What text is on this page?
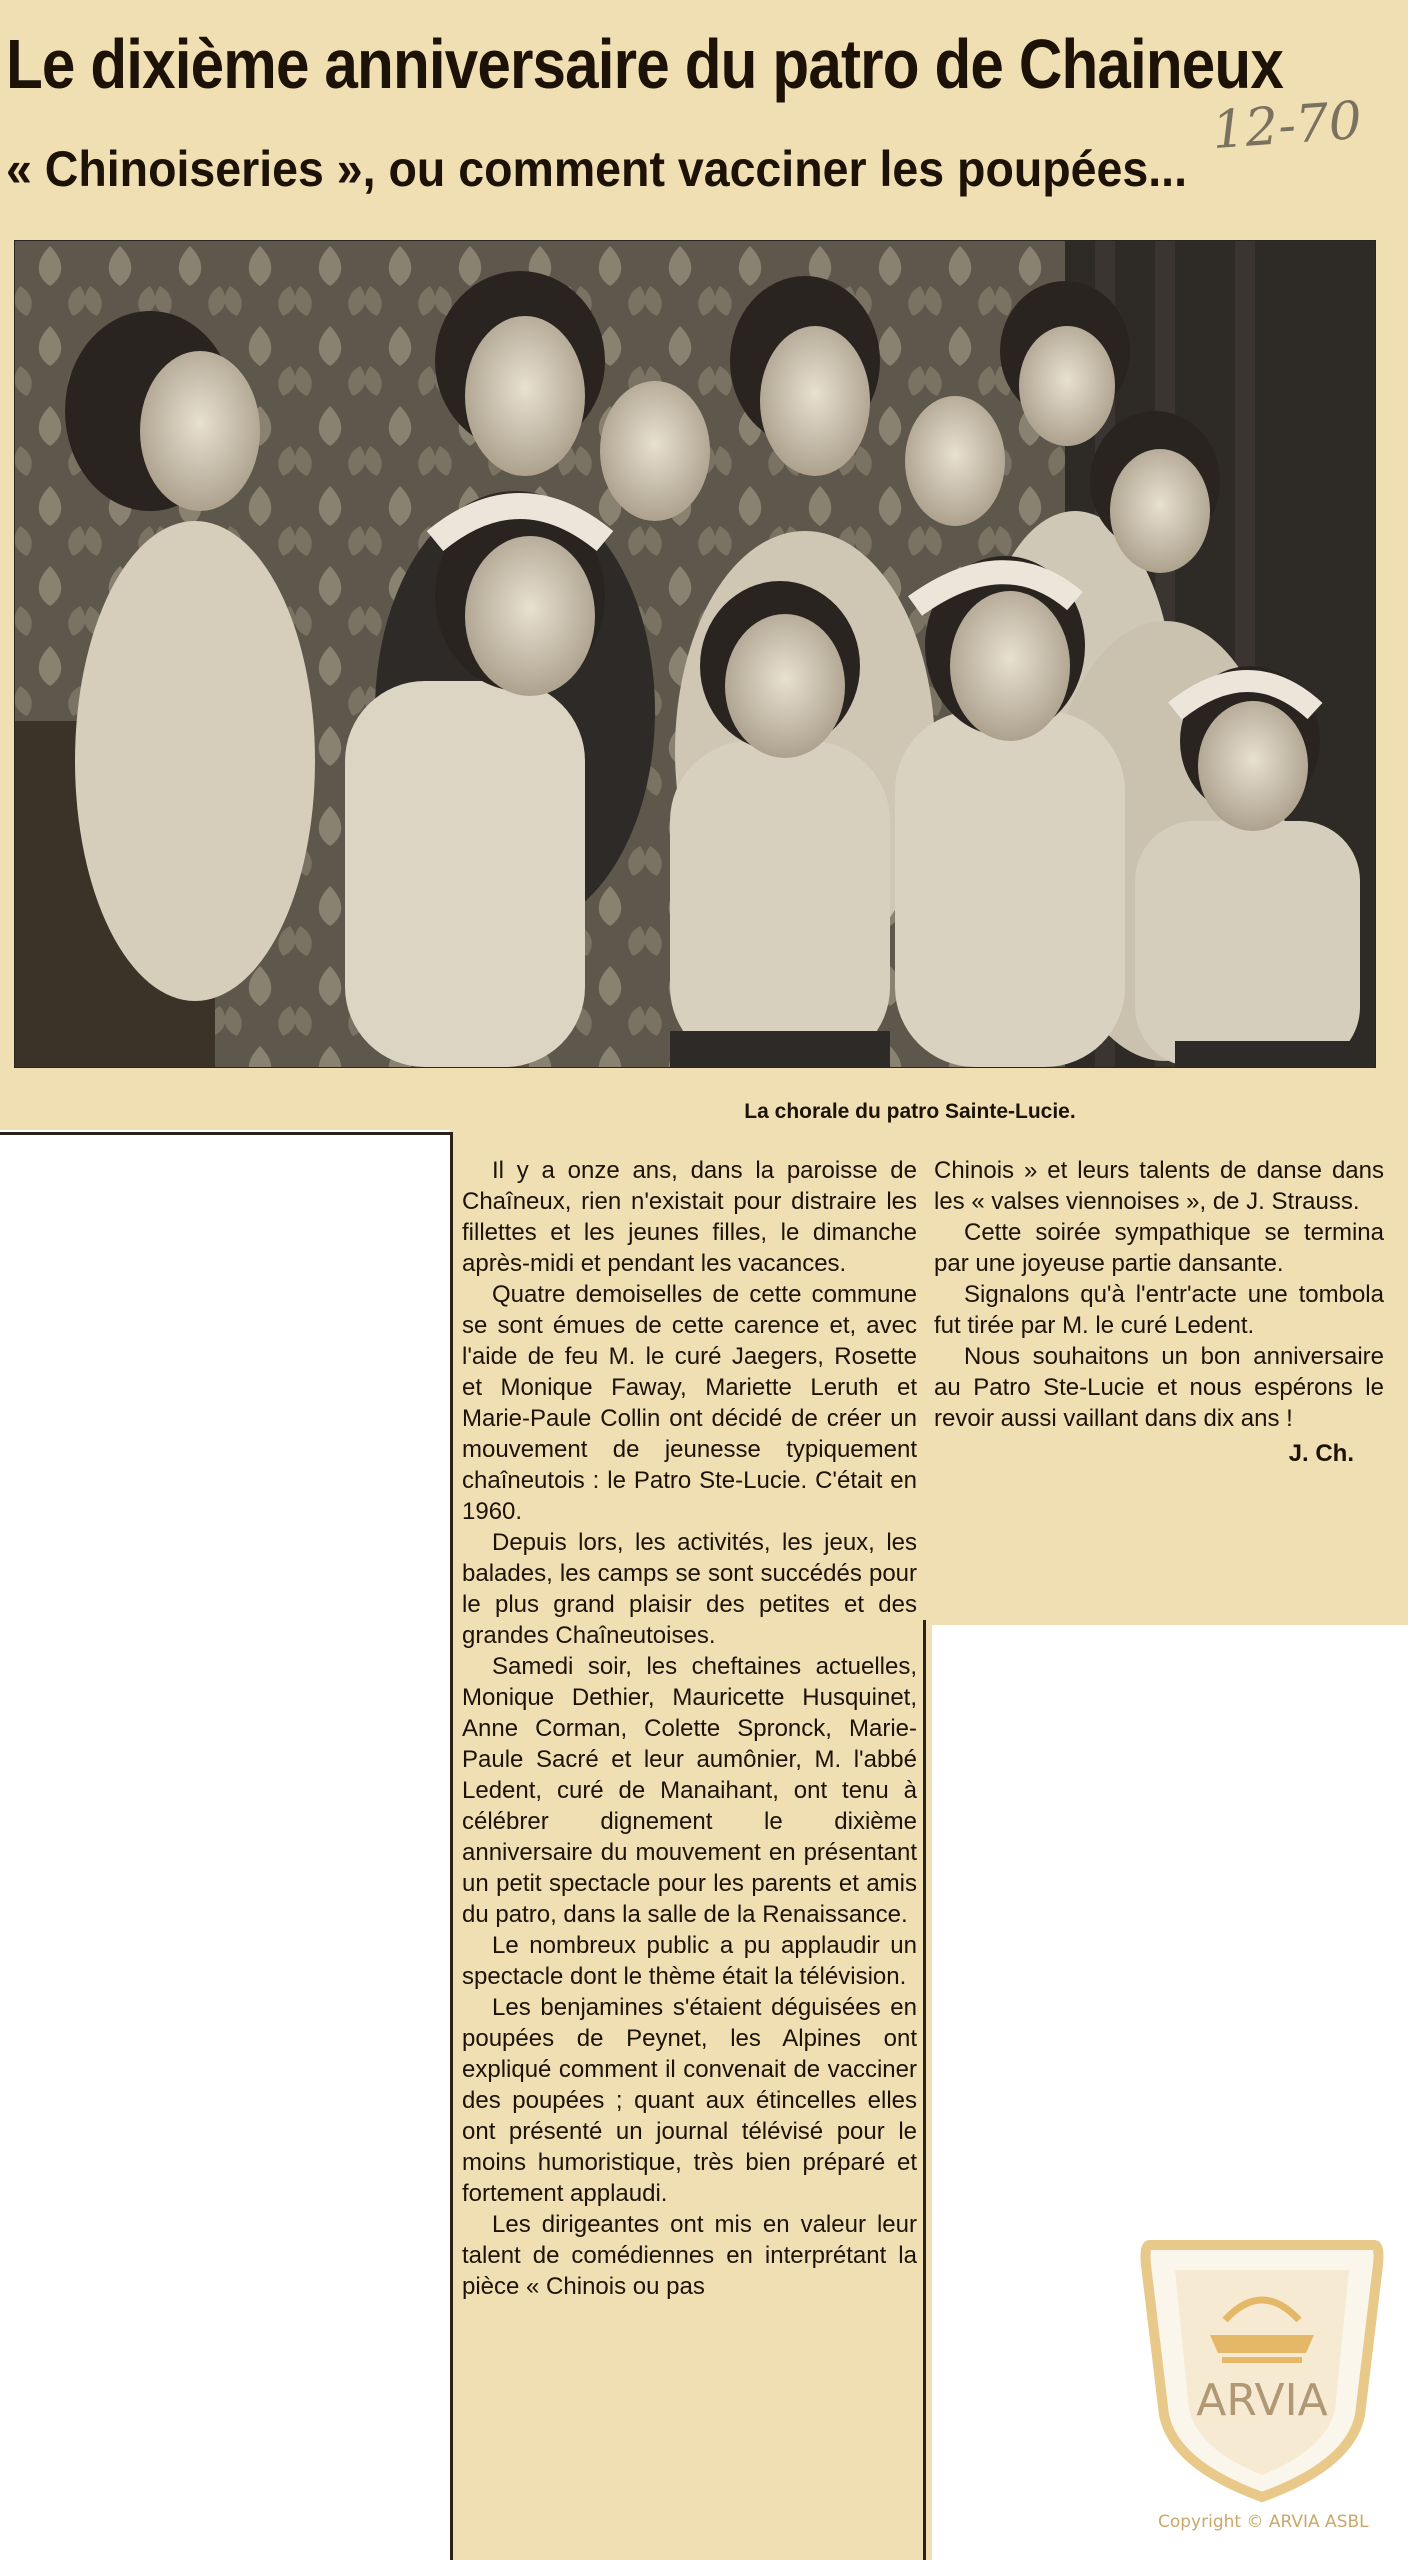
Le dixième anniversaire du patro de Chaineux
« Chinoiseries », ou comment vacciner les poupées...
12-70
La chorale du patro Sainte-Lucie.

Il y a onze ans, dans la paroisse de Chaîneux, rien n'existait pour distraire les fillettes et les jeunes filles, le dimanche après-midi et pendant les vacances.

Quatre demoiselles de cette commune se sont émues de cette carence et, avec l'aide de feu M. le curé Jaegers, Rosette et Monique Faway, Mariette Leruth et Marie-Paule Collin ont décidé de créer un mouvement de jeunesse typiquement chaîneutois : le Patro Ste-Lucie. C'était en 1960.

Depuis lors, les activités, les jeux, les balades, les camps se sont succédés pour le plus grand plaisir des petites et des grandes Chaîneutoises.

Samedi soir, les cheftaines actuelles, Monique Dethier, Mauricette Husquinet, Anne Corman, Colette Spronck, Marie-Paule Sacré et leur aumônier, M. l'abbé Ledent, curé de Manaihant, ont tenu à célébrer dignement le dixième anniversaire du mouvement en présentant un petit spectacle pour les parents et amis du patro, dans la salle de la Renaissance.

Le nombreux public a pu applaudir un spectacle dont le thème était la télévision.

Les benjamines s'étaient déguisées en poupées de Peynet, les Alpines ont expliqué comment il convenait de vacciner des poupées ; quant aux étincelles elles ont présenté un journal télévisé pour le moins humoristique, très bien préparé et fortement applaudi.

Les dirigeantes ont mis en valeur leur talent de comédiennes en interprétant la pièce « Chinois ou pas

Chinois » et leurs talents de danse dans les « valses viennoises », de J. Strauss.

Cette soirée sympathique se termina par une joyeuse partie dansante.

Signalons qu'à l'entr'acte une tombola fut tirée par M. le curé Ledent.

Nous souhaitons un bon anniversaire au Patro Ste-Lucie et nous espérons le revoir aussi vaillant dans dix ans !

J. Ch.
ARVIA
Copyright © ARVIA ASBL
